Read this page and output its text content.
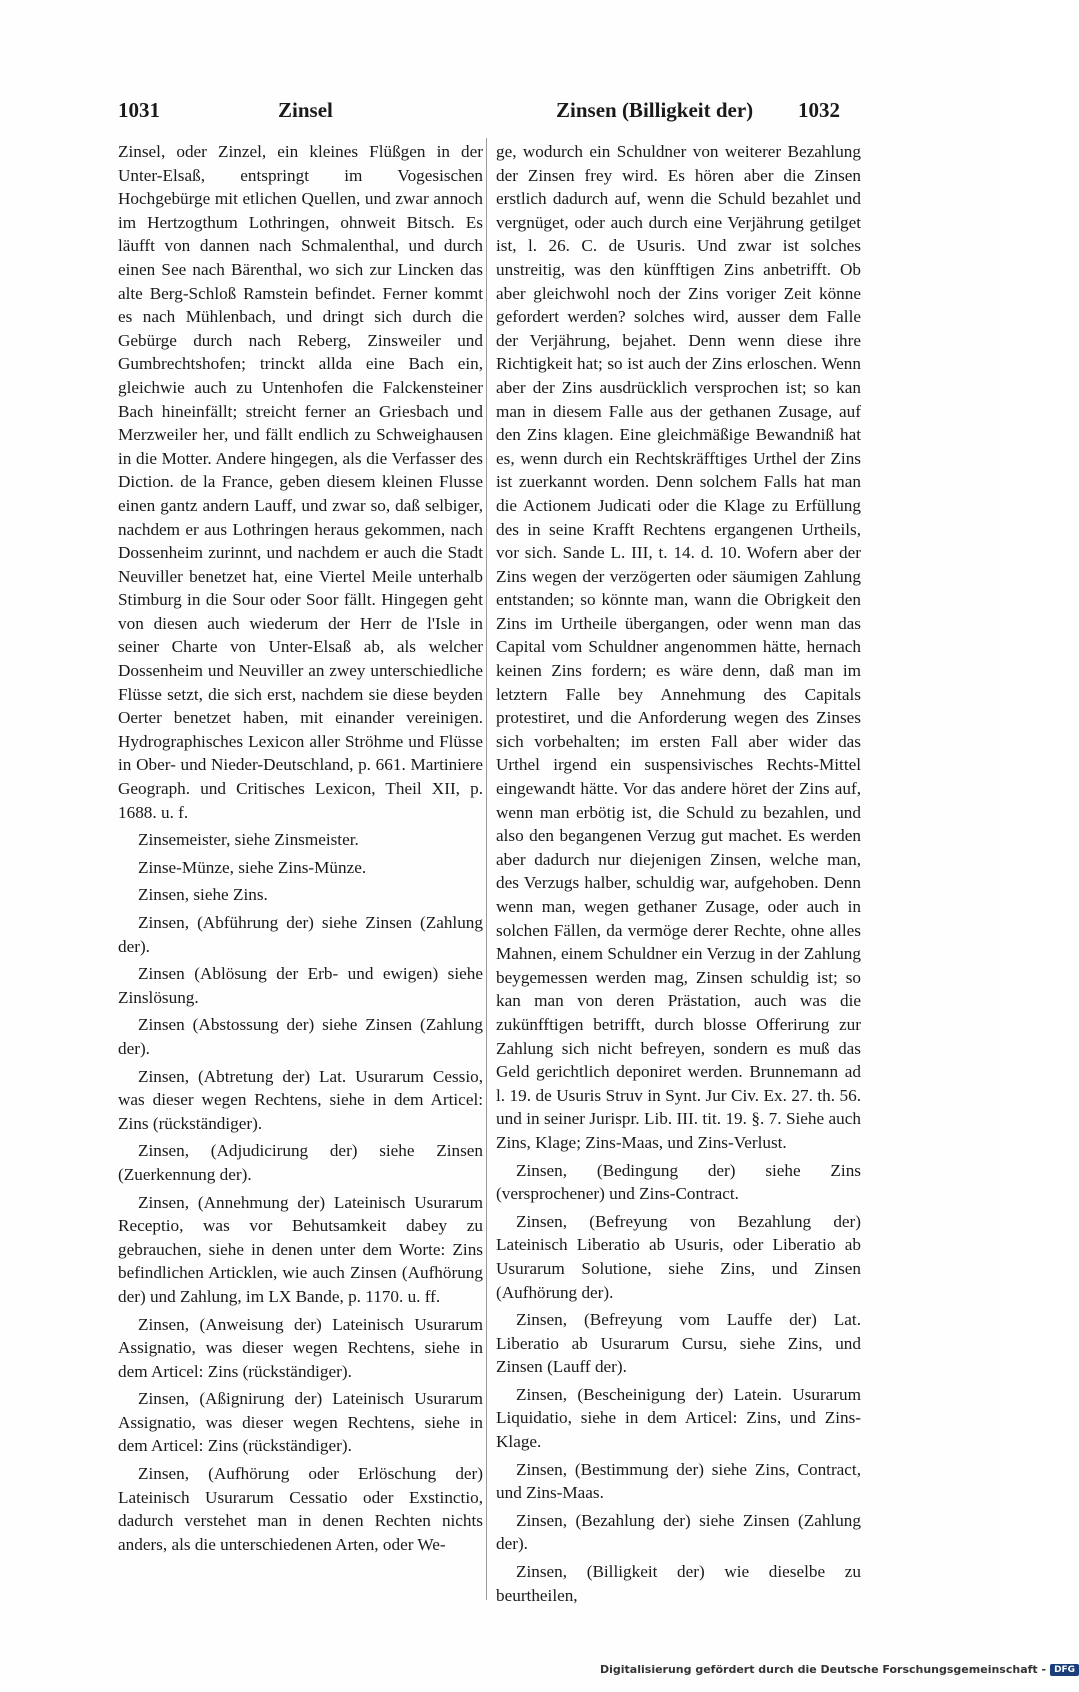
1031	Zinsel	Zinsen (Billigkeit der) 1032

Zinsel, oder Zinzel, ein kleines Flüßgen in der Unter-Elsaß, entspringt im Vogesischen Hochgebürge mit etlichen Quellen, und zwar annoch im Hertzogthum Lothringen, ohnweit Bitsch. Es läufft von dannen nach Schmalenthal, und durch einen See nach Bärenthal, wo sich zur Lincken das alte Berg-Schloß Ramstein befindet. Ferner kommt es nach Mühlenbach, und dringt sich durch die Gebürge durch nach Reberg, Zinsweiler und Gumbrechtshofen; trinckt allda eine Bach ein, gleichwie auch zu Untenhofen die Falckensteiner Bach hineinfällt; streicht ferner an Griesbach und Merzweiler her, und fällt endlich zu Schweighausen in die Motter. Andere hingegen, als die Verfasser des Diction. de la France, geben diesem kleinen Flusse einen gantz andern Lauff, und zwar so, daß selbiger, nachdem er aus Lothringen heraus gekommen, nach Dossenheim zurinnt, und nachdem er auch die Stadt Neuviller benetzet hat, eine Viertel Meile unterhalb Stimburg in die Sour oder Soor fällt. Hingegen geht von diesen auch wiederum der Herr de l'Isle in seiner Charte von Unter-Elsaß ab, als welcher Dossenheim und Neuviller an zwey unterschiedliche Flüsse setzt, die sich erst, nachdem sie diese beyden Oerter benetzet haben, mit einander vereinigen. Hydrographisches Lexicon aller Ströhme und Flüsse in Ober- und Nieder-Deutschland, p. 661. Martiniere Geograph. und Critisches Lexicon, Theil XII, p. 1688. u. f.

Zinsemeister, siehe Zinsmeister.

Zinse-Münze, siehe Zins-Münze.

Zinsen, siehe Zins.

Zinsen, (Abführung der) siehe Zinsen (Zahlung der).

Zinsen (Ablösung der Erb- und ewigen) siehe Zinslösung.

Zinsen (Abstossung der) siehe Zinsen (Zahlung der).

Zinsen, (Abtretung der) Lat. Usurarum Cessio, was dieser wegen Rechtens, siehe in dem Articel: Zins (rückständiger).

Zinsen, (Adjudicirung der) siehe Zinsen (Zuerkennung der).

Zinsen, (Annehmung der) Lateinisch Usurarum Receptio, was vor Behutsamkeit dabey zu gebrauchen, siehe in denen unter dem Worte: Zins befindlichen Articklen, wie auch Zinsen (Aufhörung der) und Zahlung, im LX Bande, p. 1170. u. ff.

Zinsen, (Anweisung der) Lateinisch Usurarum Assignatio, was dieser wegen Rechtens, siehe in dem Articel: Zins (rückständiger).

Zinsen, (Aßignirung der) Lateinisch Usurarum Assignatio, was dieser wegen Rechtens, siehe in dem Articel: Zins (rückständiger).

Zinsen, (Aufhörung oder Erlöschung der) Lateinisch Usurarum Cessatio oder Exstinctio, dadurch verstehet man in denen Rechten nichts anders, als die unterschiedenen Arten, oder We-

ge, wodurch ein Schuldner von weiterer Bezahlung der Zinsen frey wird. Es hören aber die Zinsen erstlich dadurch auf, wenn die Schuld bezahlet und vergnüget, oder auch durch eine Verjährung getilget ist, l. 26. C. de Usuris. Und zwar ist solches unstreitig, was den künfftigen Zins anbetrifft. Ob aber gleichwohl noch der Zins voriger Zeit könne gefordert werden? solches wird, ausser dem Falle der Verjährung, bejahet. Denn wenn diese ihre Richtigkeit hat; so ist auch der Zins erloschen. Wenn aber der Zins ausdrücklich versprochen ist; so kan man in diesem Falle aus der gethanen Zusage, auf den Zins klagen. Eine gleichmäßige Bewandniß hat es, wenn durch ein Rechtskräfftiges Urthel der Zins ist zuerkannt worden. Denn solchem Falls hat man die Actionem Judicati oder die Klage zu Erfüllung des in seine Krafft Rechtens ergangenen Urtheils, vor sich. Sande L. III, t. 14. d. 10. Wofern aber der Zins wegen der verzögerten oder säumigen Zahlung entstanden; so könnte man, wann die Obrigkeit den Zins im Urtheile übergangen, oder wenn man das Capital vom Schuldner angenommen hätte, hernach keinen Zins fordern; es wäre denn, daß man im letztern Falle bey Annehmung des Capitals protestiret, und die Anforderung wegen des Zinses sich vorbehalten; im ersten Fall aber wider das Urthel irgend ein suspensivisches Rechts-Mittel eingewandt hätte. Vor das andere höret der Zins auf, wenn man erbötig ist, die Schuld zu bezahlen, und also den begangenen Verzug gut machet. Es werden aber dadurch nur diejenigen Zinsen, welche man, des Verzugs halber, schuldig war, aufgehoben. Denn wenn man, wegen gethaner Zusage, oder auch in solchen Fällen, da vermöge derer Rechte, ohne alles Mahnen, einem Schuldner ein Verzug in der Zahlung beygemessen werden mag, Zinsen schuldig ist; so kan man von deren Prästation, auch was die zukünfftigen betrifft, durch blosse Offerirung zur Zahlung sich nicht befreyen, sondern es muß das Geld gerichtlich deponiret werden. Brunnemann ad l. 19. de Usuris Struv in Synt. Jur Civ. Ex. 27. th. 56. und in seiner Jurispr. Lib. III. tit. 19. §. 7. Siehe auch Zins, Klage; Zins-Maas, und Zins-Verlust.

Zinsen, (Bedingung der) siehe Zins (versprochener) und Zins-Contract.

Zinsen, (Befreyung von Bezahlung der) Lateinisch Liberatio ab Usuris, oder Liberatio ab Usurarum Solutione, siehe Zins, und Zinsen (Aufhörung der).

Zinsen, (Befreyung vom Lauffe der) Lat. Liberatio ab Usurarum Cursu, siehe Zins, und Zinsen (Lauff der).

Zinsen, (Bescheinigung der) Latein. Usurarum Liquidatio, siehe in dem Articel: Zins, und Zins-Klage.

Zinsen, (Bestimmung der) siehe Zins, Contract, und Zins-Maas.

Zinsen, (Bezahlung der) siehe Zinsen (Zahlung der).

Zinsen, (Billigkeit der) wie dieselbe zu beurtheilen,

Digitalisierung gefördert durch die Deutsche Forschungsgemeinschaft - DFG
